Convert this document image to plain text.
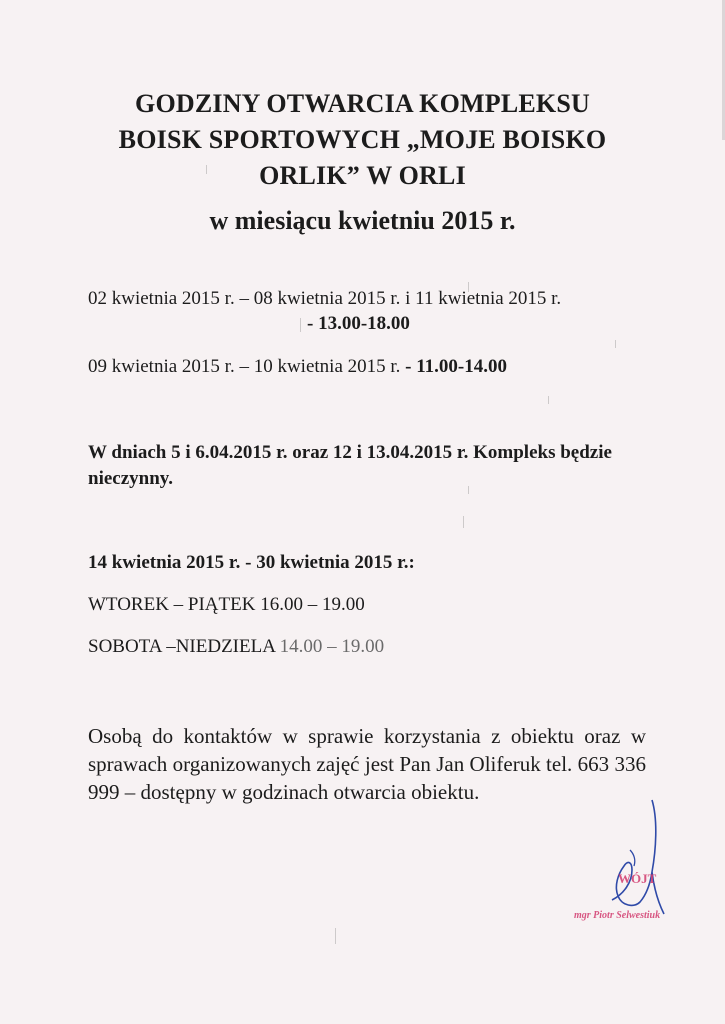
GODZINY OTWARCIA KOMPLEKSU
BOISK SPORTOWYCH „MOJE BOISKO
ORLIK” W ORLI
w miesiącu kwietniu 2015 r.
02 kwietnia 2015 r. – 08 kwietnia 2015 r. i 11 kwietnia 2015 r.
- 13.00-18.00
09 kwietnia 2015 r. – 10 kwietnia 2015 r. - 11.00-14.00
W dniach 5 i 6.04.2015 r. oraz 12 i 13.04.2015 r. Kompleks będzie nieczynny.
14 kwietnia 2015 r. - 30 kwietnia 2015 r.:
WTOREK – PIĄTEK 16.00 – 19.00
SOBOTA –NIEDZIELA 14.00 – 19.00
Osobą do kontaktów w sprawie korzystania z obiektu oraz w sprawach organizowanych zajęć jest Pan Jan Oliferuk tel. 663 336 999 – dostępny w godzinach otwarcia obiektu.
WÓJT
mgr Piotr Selwestiuk
